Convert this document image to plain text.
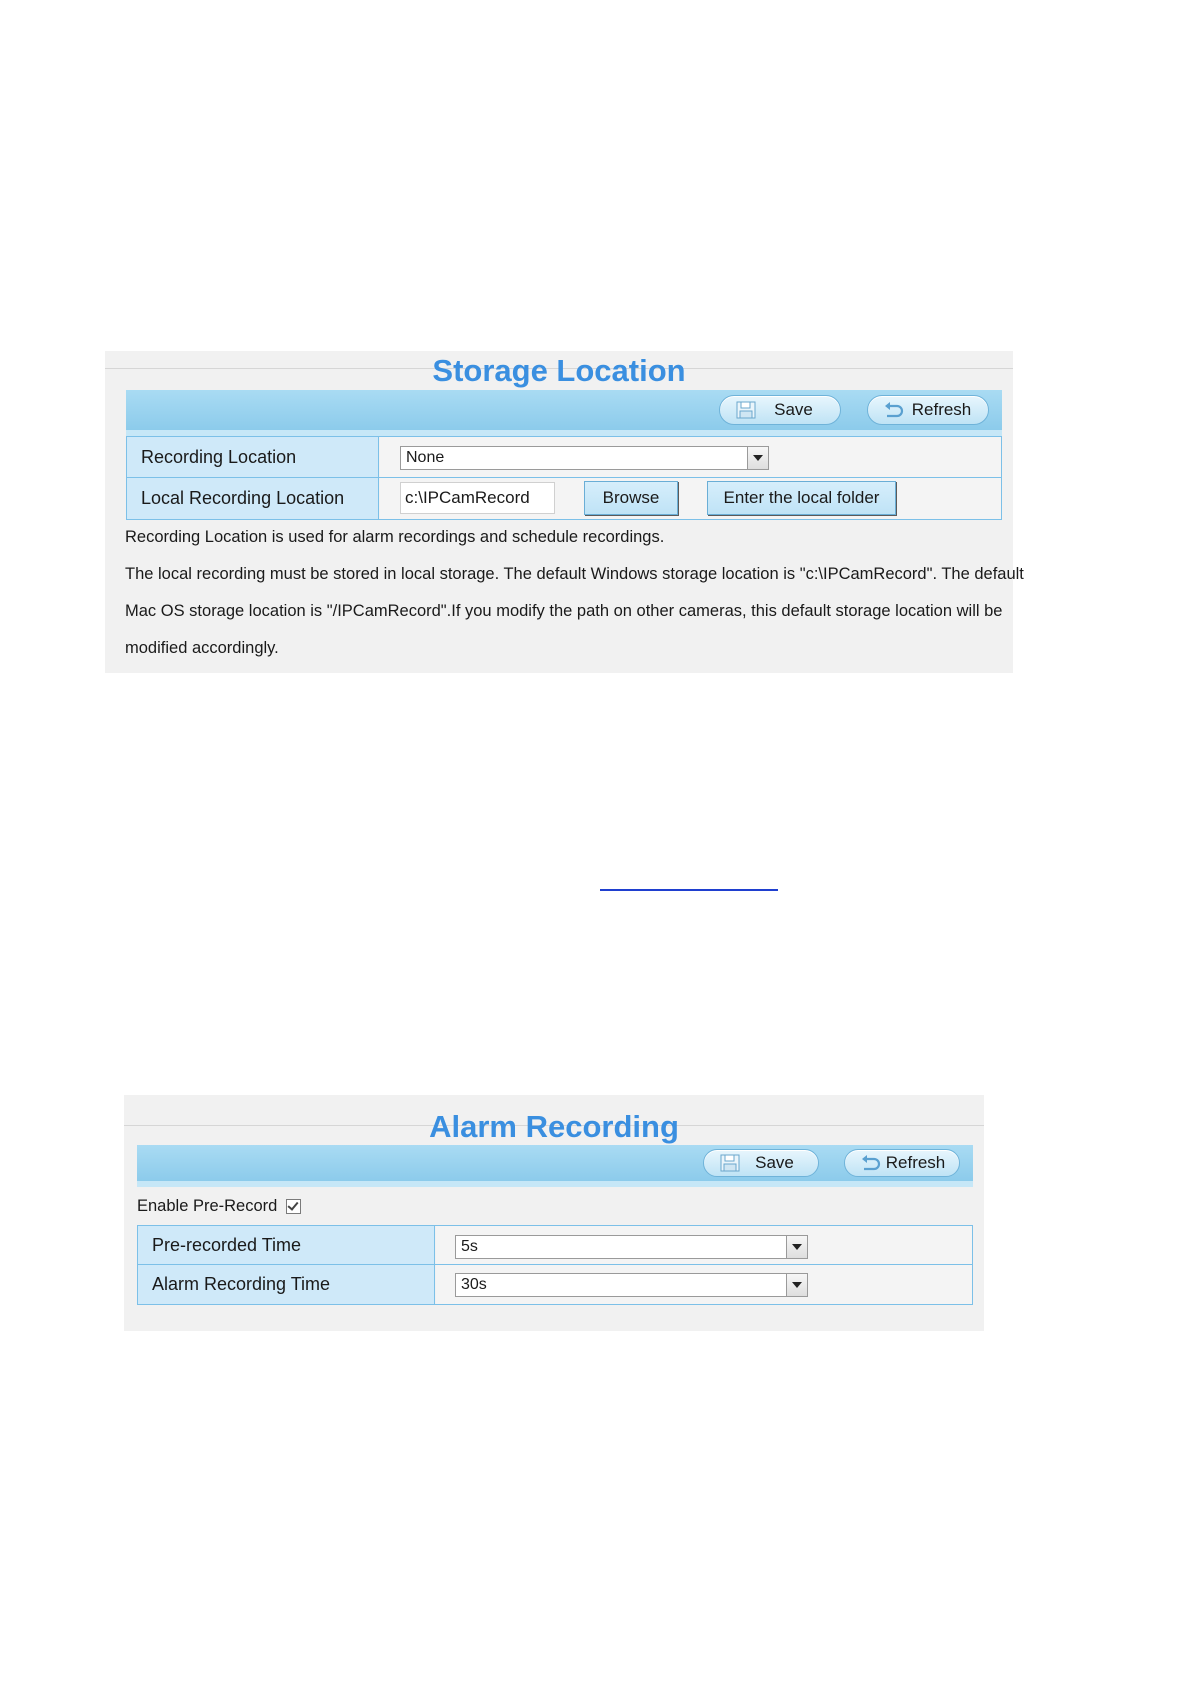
Storage Location
Save	Refresh
Recording Location	None
Local Recording Location	c:\IPCamRecord	Browse	Enter the local folder
Recording Location is used for alarm recordings and schedule recordings.
The local recording must be stored in local storage. The default Windows storage location is "c:\IPCamRecord". The default
Mac OS storage location is "/IPCamRecord".If you modify the path on other cameras, this default storage location will be
modified accordingly.
Alarm Recording
Save	Refresh
Enable Pre-Record
Pre-recorded Time	5s
Alarm Recording Time	30s
